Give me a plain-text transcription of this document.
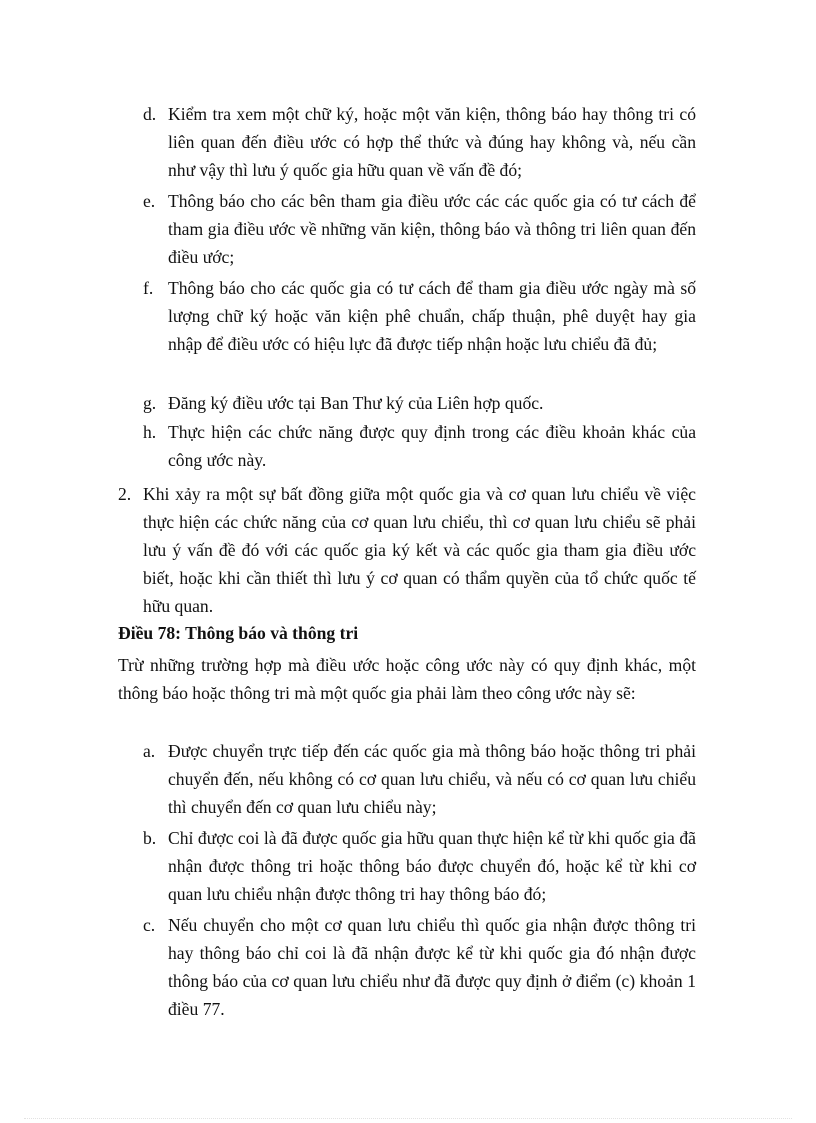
d. Kiểm tra xem một chữ ký, hoặc một văn kiện, thông báo hay thông tri có liên quan đến điều ước có hợp thể thức và đúng hay không và, nếu cần như vậy thì lưu ý quốc gia hữu quan về vấn đề đó;
e. Thông báo cho các bên tham gia điều ước các các quốc gia có tư cách để tham gia điều ước về những văn kiện, thông báo và thông tri liên quan đến điều ước;
f. Thông báo cho các quốc gia có tư cách để tham gia điều ước ngày mà số lượng chữ ký hoặc văn kiện phê chuẩn, chấp thuận, phê duyệt hay gia nhập để điều ước có hiệu lực đã được tiếp nhận hoặc lưu chiểu đã đủ;
g. Đăng ký điều ước tại Ban Thư ký của Liên hợp quốc.
h. Thực hiện các chức năng được quy định trong các điều khoản khác của công ước này.
2. Khi xảy ra một sự bất đồng giữa một quốc gia và cơ quan lưu chiểu về việc thực hiện các chức năng của cơ quan lưu chiểu, thì cơ quan lưu chiểu sẽ phải lưu ý vấn đề đó với các quốc gia ký kết và các quốc gia tham gia điều ước biết, hoặc khi cần thiết thì lưu ý cơ quan có thẩm quyền của tổ chức quốc tế hữu quan.
Điều 78: Thông báo và thông tri
Trừ những trường hợp mà điều ước hoặc công ước này có quy định khác, một thông báo hoặc thông tri mà một quốc gia phải làm theo công ước này sẽ:
a. Được chuyển trực tiếp đến các quốc gia mà thông báo hoặc thông tri phải chuyển đến, nếu không có cơ quan lưu chiểu, và nếu có cơ quan lưu chiểu thì chuyển đến cơ quan lưu chiểu này;
b. Chỉ được coi là đã được quốc gia hữu quan thực hiện kể từ khi quốc gia đã nhận được thông tri hoặc thông báo được chuyển đó, hoặc kể từ khi cơ quan lưu chiểu nhận được thông tri hay thông báo đó;
c. Nếu chuyển cho một cơ quan lưu chiểu thì quốc gia nhận được thông tri hay thông báo chỉ coi là đã nhận được kể từ khi quốc gia đó nhận được thông báo của cơ quan lưu chiểu như đã được quy định ở điểm (c) khoản 1 điều 77.
